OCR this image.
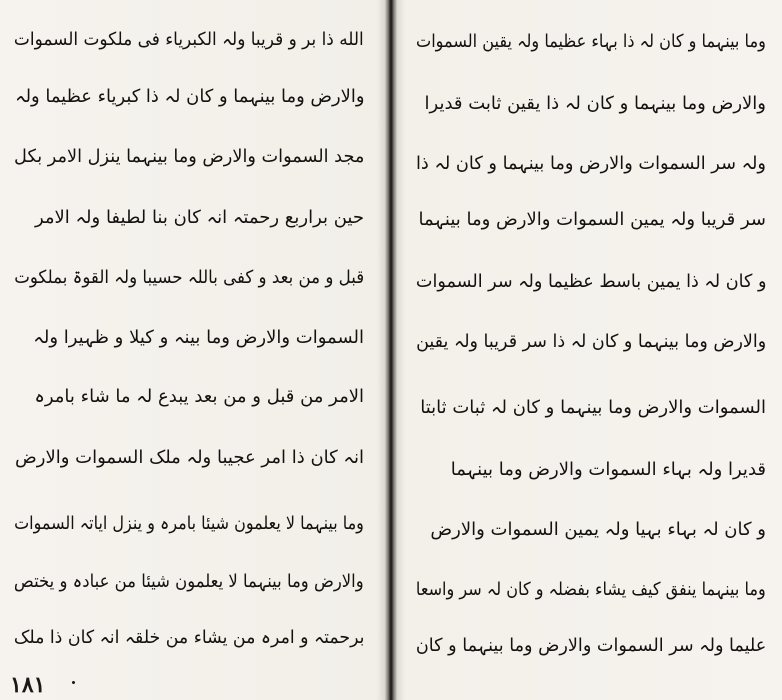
الله ذا بر و قریبا ولہ الکبریاء فی ملکوت السموات
والارض وما بینہما و کان لہ ذا کبریاء عظیما ولہ
مجد السموات والارض وما بینہما ینزل الامر بکل
حین براربع رحمتہ انہ کان بنا لطیفا ولہ الامر
قبل و من بعد و کفی باللہ حسیبا ولہ القوۃ بملکوت
السموات والارض وما بینہ و کیلا و ظہیرا ولہ
الامر من قبل و من بعد یبدع لہ ما شاء بامرہ
انہ کان ذا امر عجیبا ولہ ملک السموات والارض
وما بینہما لا یعلمون شیئا بامرہ و ینزل ایاتہ السموات
والارض وما بینہما لا یعلمون شیئا من عبادہ و یختص
برحمتہ و امرہ من یشاء من خلقہ انہ کان ذا ملک
١٨١
وما بینہما و کان لہ ذا بہاء عظیما ولہ یقین السموات
والارض وما بینہما و کان لہ ذا یقین ثابت قدیرا
ولہ سر السموات والارض وما بینہما و کان لہ ذا
سر قریبا ولہ یمین السموات والارض وما بینہما
و کان لہ ذا یمین باسط عظیما ولہ سر السموات
والارض وما بینہما و کان لہ ذا سر قریبا ولہ یقین
السموات والارض وما بینہما و کان لہ ثبات ثابتا
قدیرا ولہ بہاء السموات والارض وما بینہما
و کان لہ بہاء بہیا ولہ یمین السموات والارض
وما بینہما ینفق کیف یشاء بفضلہ و کان لہ سر واسعا
علیما ولہ سر السموات والارض وما بینہما و کان
